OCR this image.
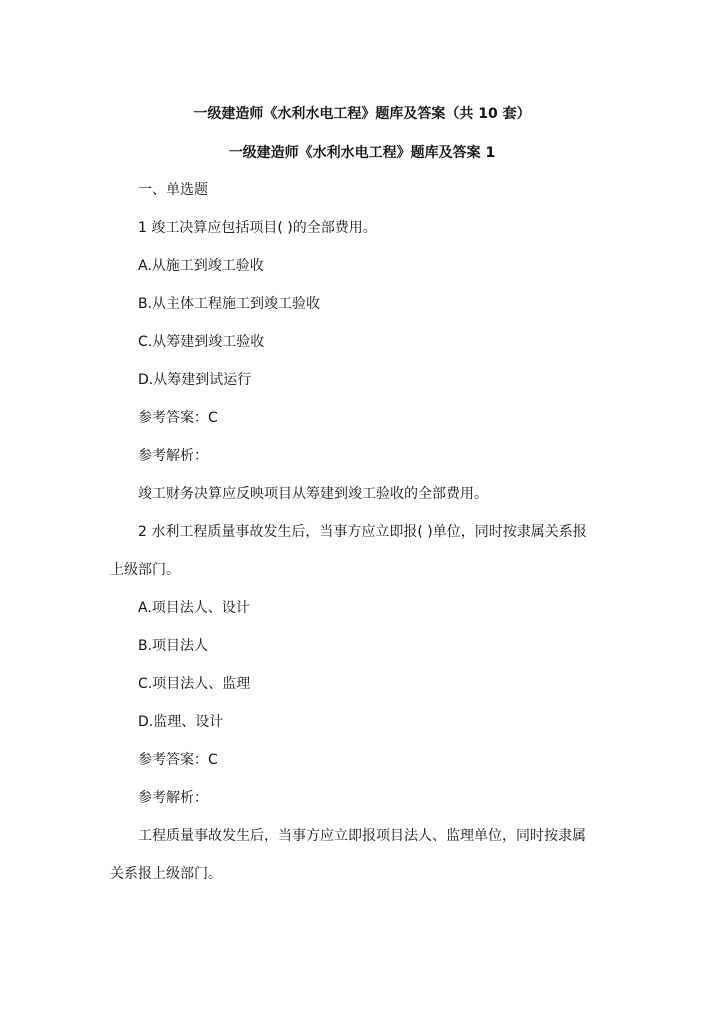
一级建造师《水利水电工程》题库及答案（共 10 套）
一级建造师《水利水电工程》题库及答案 1
一、单选题
1 竣工决算应包括项目( )的全部费用。
A.从施工到竣工验收
B.从主体工程施工到竣工验收
C.从筹建到竣工验收
D.从筹建到试运行
参考答案：C
参考解析：
竣工财务决算应反映项目从筹建到竣工验收的全部费用。
2 水利工程质量事故发生后，当事方应立即报( )单位，同时按隶属关系报
上级部门。
A.项目法人、设计
B.项目法人
C.项目法人、监理
D.监理、设计
参考答案：C
参考解析：
工程质量事故发生后，当事方应立即报项目法人、监理单位，同时按隶属
关系报上级部门。
